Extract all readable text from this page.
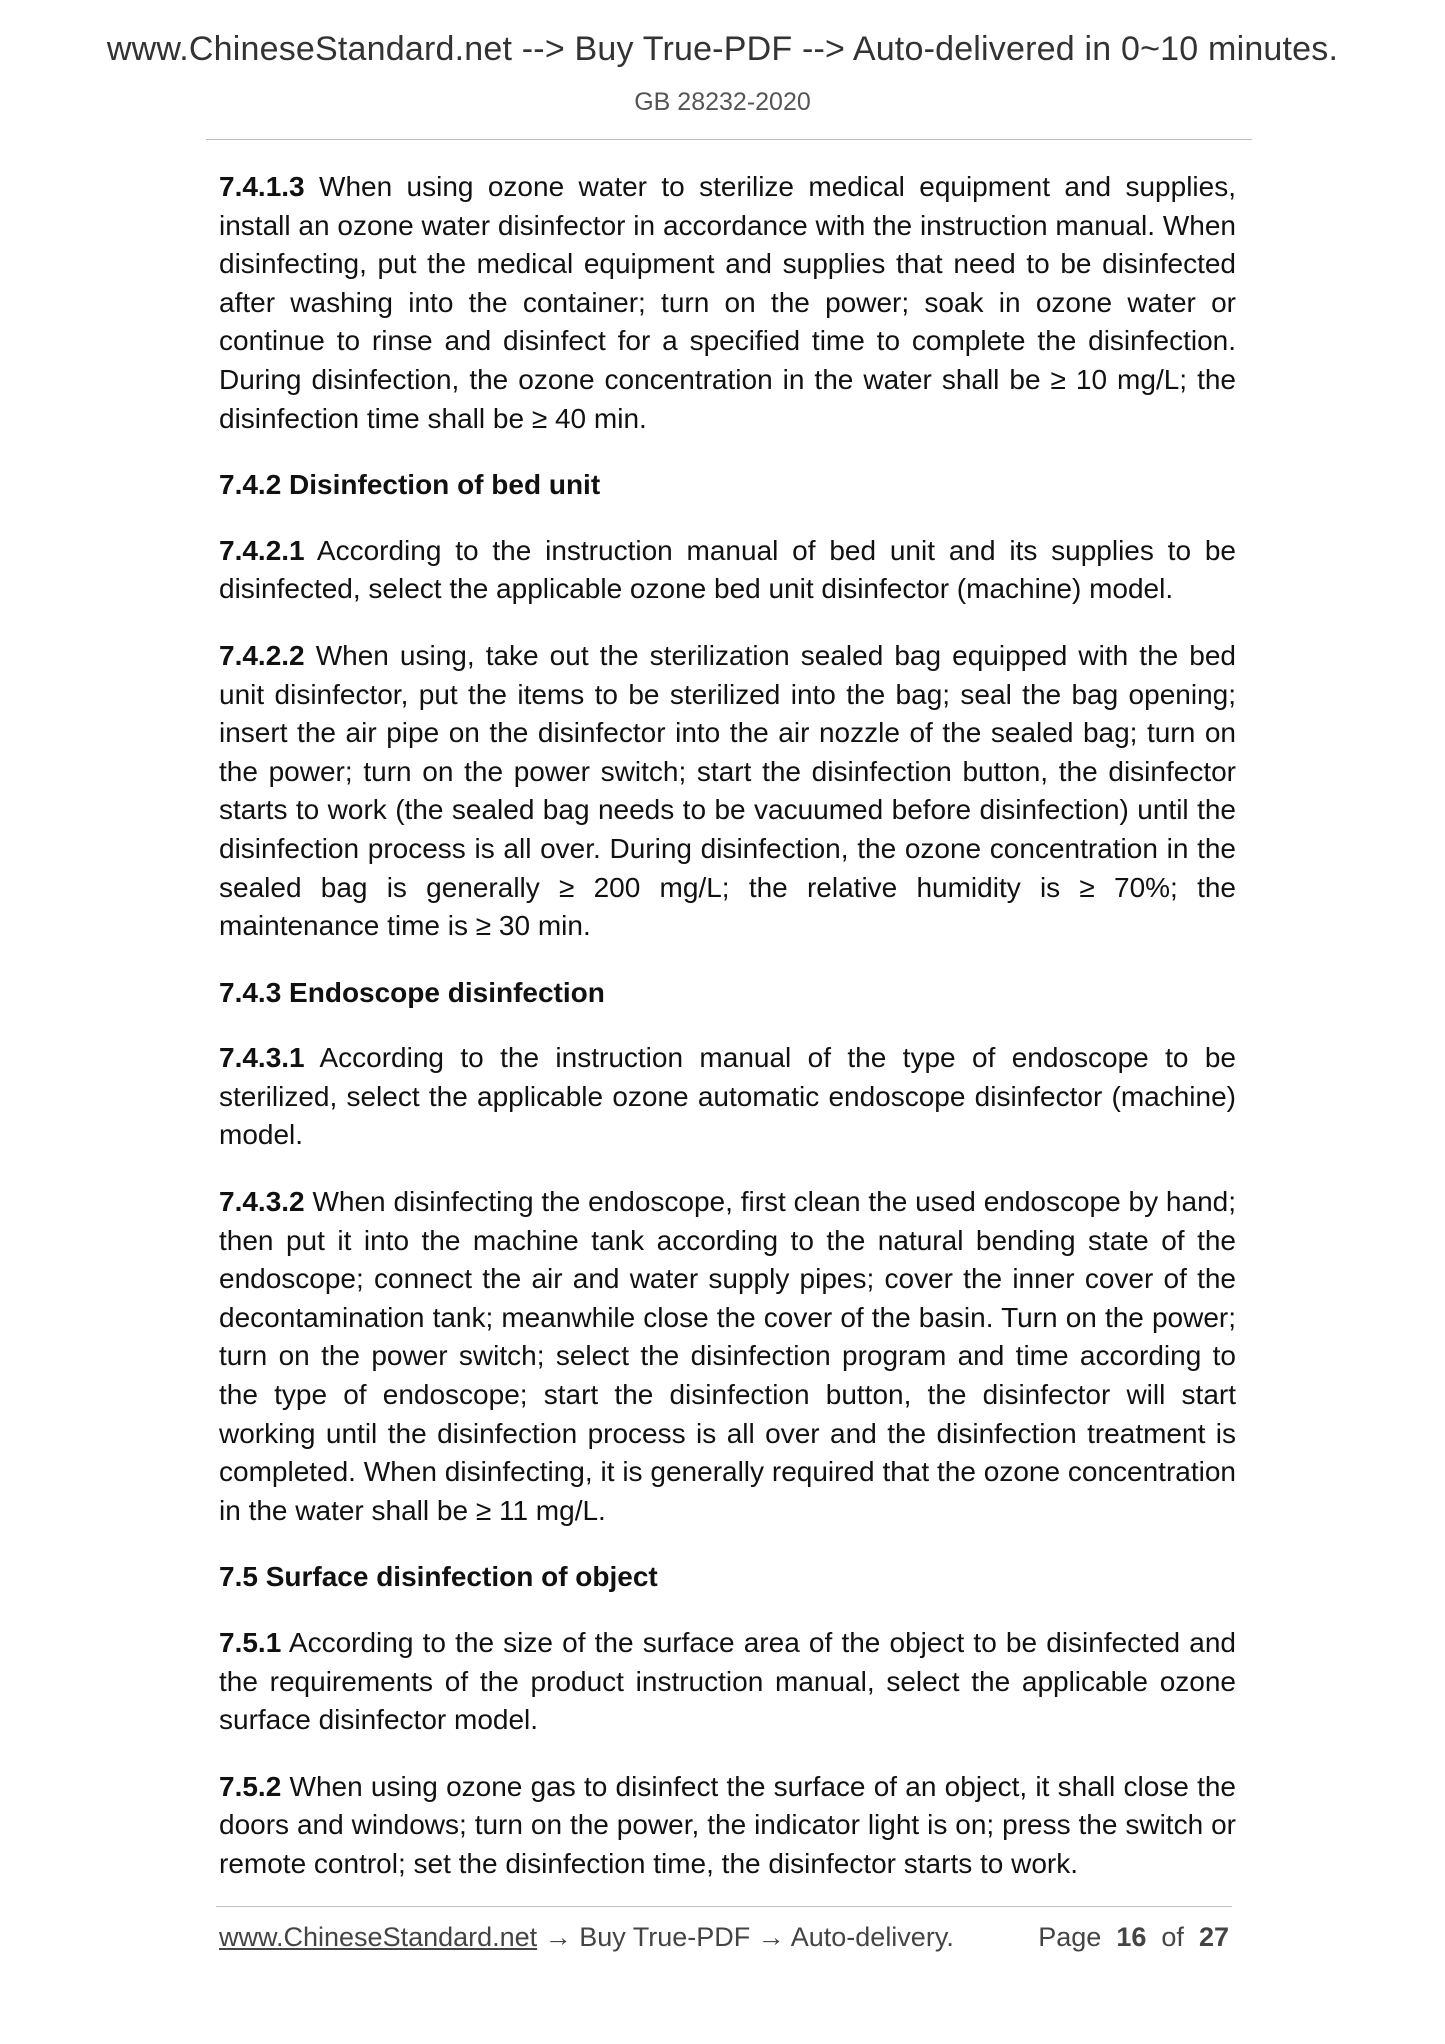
www.ChineseStandard.net --> Buy True-PDF --> Auto-delivered in 0~10 minutes.
GB 28232-2020

7.4.1.3 When using ozone water to sterilize medical equipment and supplies, install an ozone water disinfector in accordance with the instruction manual. When disinfecting, put the medical equipment and supplies that need to be disinfected after washing into the container; turn on the power; soak in ozone water or continue to rinse and disinfect for a specified time to complete the disinfection. During disinfection, the ozone concentration in the water shall be ≥ 10 mg/L; the disinfection time shall be ≥ 40 min.

7.4.2 Disinfection of bed unit

7.4.2.1 According to the instruction manual of bed unit and its supplies to be disinfected, select the applicable ozone bed unit disinfector (machine) model.

7.4.2.2 When using, take out the sterilization sealed bag equipped with the bed unit disinfector, put the items to be sterilized into the bag; seal the bag opening; insert the air pipe on the disinfector into the air nozzle of the sealed bag; turn on the power; turn on the power switch; start the disinfection button, the disinfector starts to work (the sealed bag needs to be vacuumed before disinfection) until the disinfection process is all over. During disinfection, the ozone concentration in the sealed bag is generally ≥ 200 mg/L; the relative humidity is ≥ 70%; the maintenance time is ≥ 30 min.

7.4.3 Endoscope disinfection

7.4.3.1 According to the instruction manual of the type of endoscope to be sterilized, select the applicable ozone automatic endoscope disinfector (machine) model.

7.4.3.2 When disinfecting the endoscope, first clean the used endoscope by hand; then put it into the machine tank according to the natural bending state of the endoscope; connect the air and water supply pipes; cover the inner cover of the decontamination tank; meanwhile close the cover of the basin. Turn on the power; turn on the power switch; select the disinfection program and time according to the type of endoscope; start the disinfection button, the disinfector will start working until the disinfection process is all over and the disinfection treatment is completed. When disinfecting, it is generally required that the ozone concentration in the water shall be ≥ 11 mg/L.

7.5 Surface disinfection of object

7.5.1 According to the size of the surface area of the object to be disinfected and the requirements of the product instruction manual, select the applicable ozone surface disinfector model.

7.5.2 When using ozone gas to disinfect the surface of an object, it shall close the doors and windows; turn on the power, the indicator light is on; press the switch or remote control; set the disinfection time, the disinfector starts to work.

www.ChineseStandard.net → Buy True-PDF → Auto-delivery.	Page 16 of 27
